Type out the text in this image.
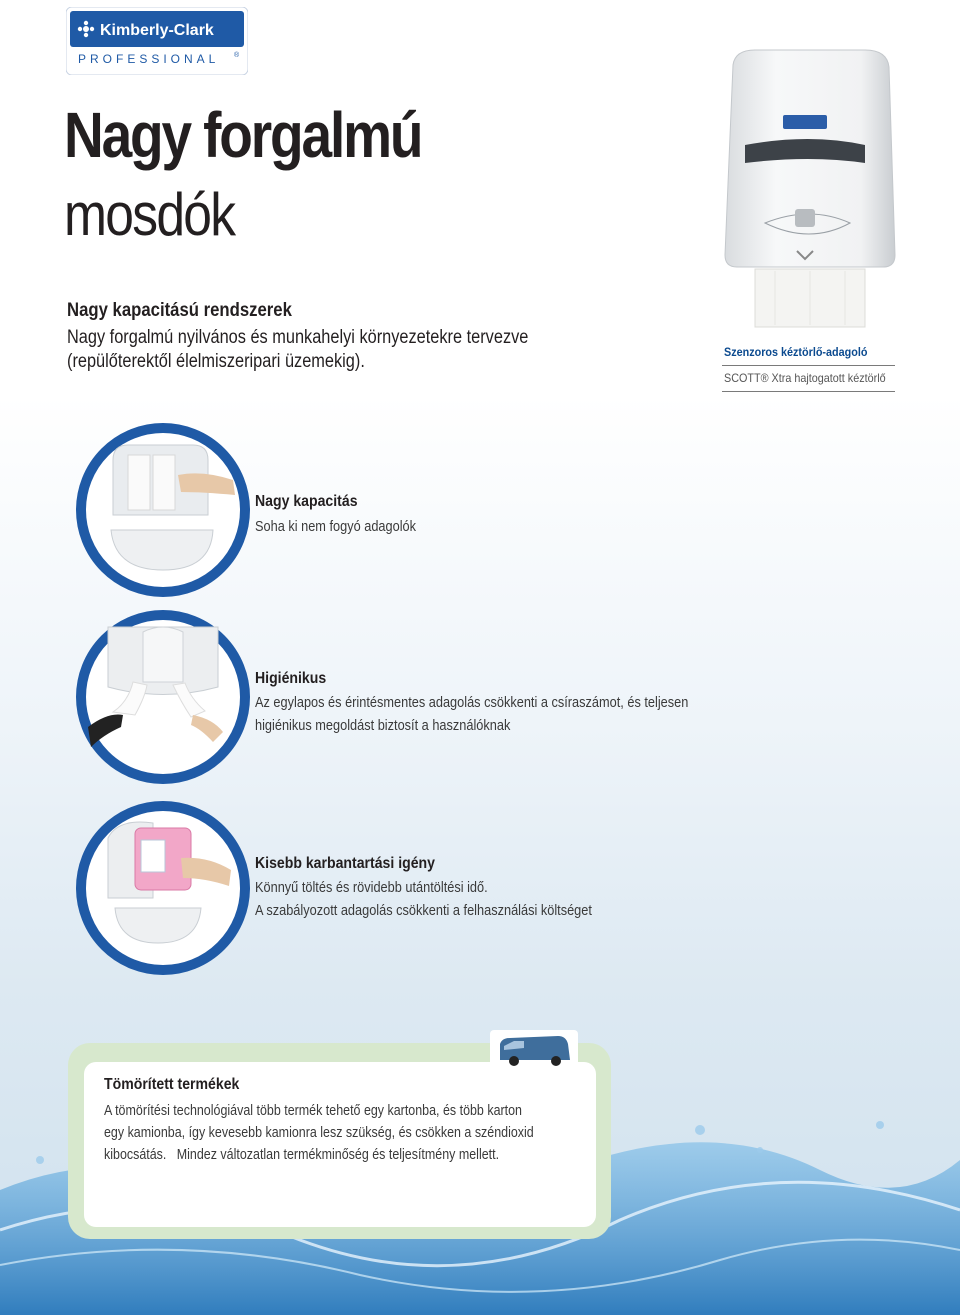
Kimberly-Clark
PROFESSIONAL ®
Nagy forgalmú
mosdók
Nagy kapacitású rendszerek
Nagy forgalmú nyilvános és munkahelyi környezetekre tervezve (repülőterektől élelmiszeripari üzemekig).	Szenzoros kéztörlő-adagoló
SCOTT® Xtra hajtogatott kéztörlő
Nagy kapacitás
Soha ki nem fogyó adagolók
Higiénikus
Az egylapos és érintésmentes adagolás csökkenti a csíraszámot, és teljesen
higiénikus megoldást biztosít a használóknak
Kisebb karbantartási igény
Könnyű töltés és rövidebb utántöltési idő.
A szabályozott adagolás csökkenti a felhasználási költséget
Tömörített termékek
A tömörítési technológiával több termék tehető egy kartonba, és több karton
egy kamionba, így kevesebb kamionra lesz szükség, és csökken a széndioxid
kibocsátás.   Mindez változatlan termékminőség és teljesítmény mellett.
